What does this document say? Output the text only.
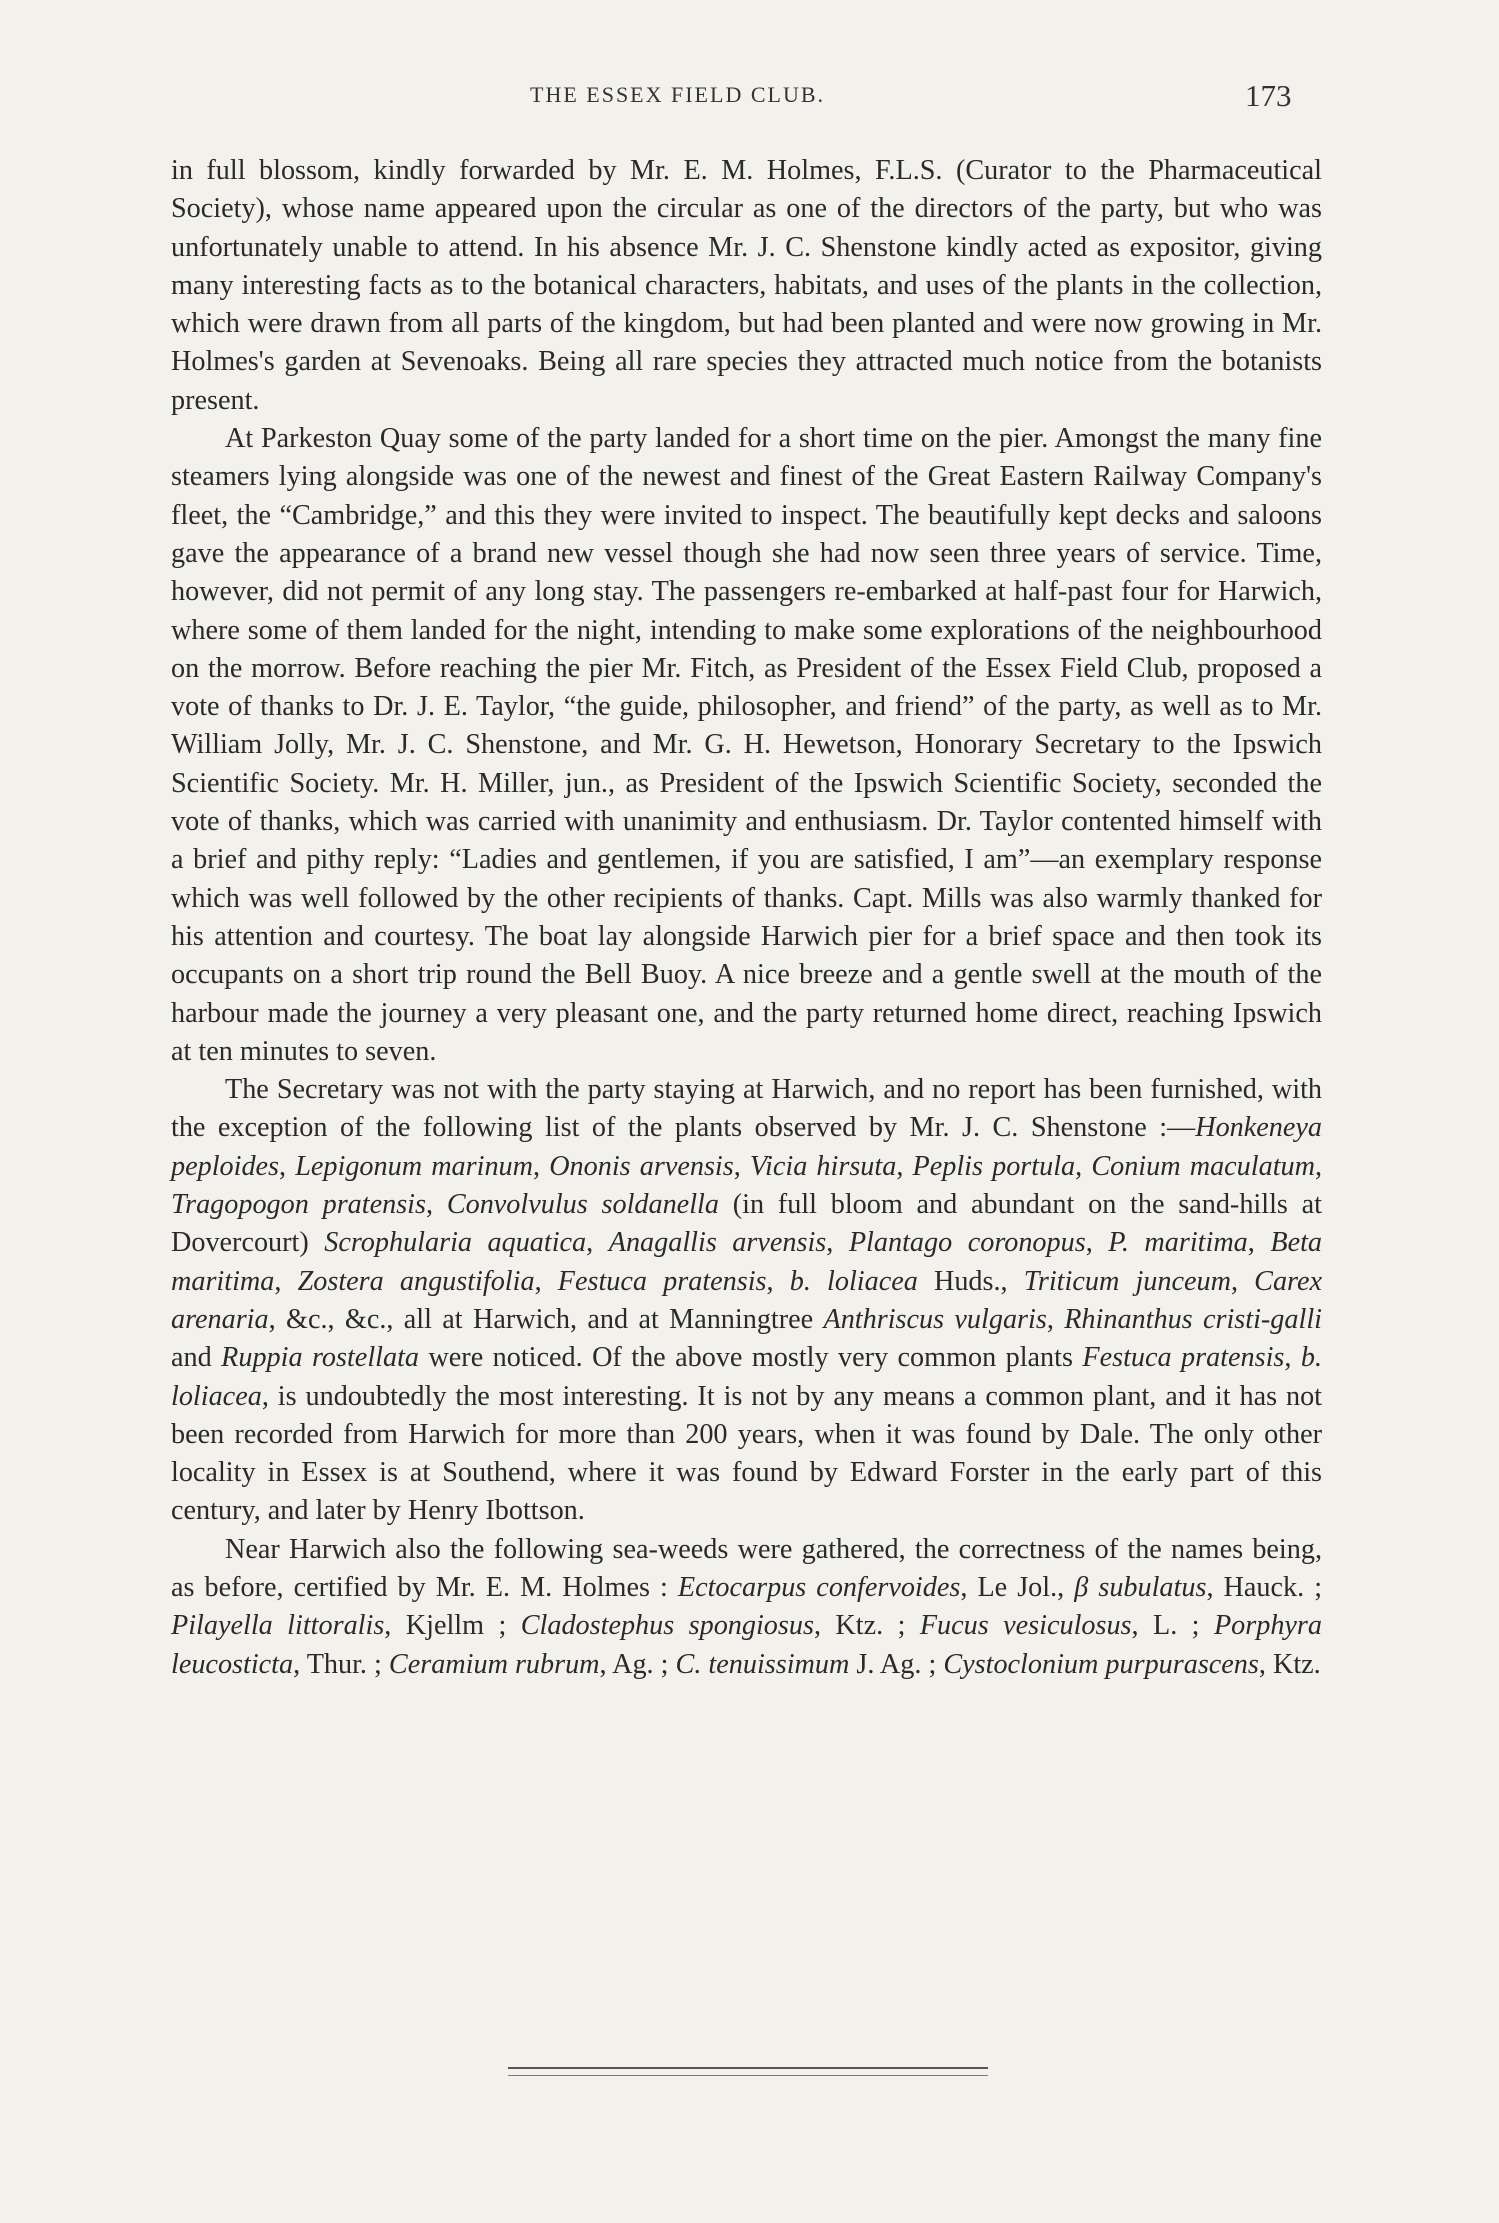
THE ESSEX FIELD CLUB.	173

in full blossom, kindly forwarded by Mr. E. M. Holmes, F.L.S. (Curator to the Pharmaceutical Society), whose name appeared upon the circular as one of the directors of the party, but who was unfortunately unable to attend. In his absence Mr. J. C. Shenstone kindly acted as expositor, giving many interesting facts as to the botanical characters, habitats, and uses of the plants in the collection, which were drawn from all parts of the kingdom, but had been planted and were now growing in Mr. Holmes's garden at Sevenoaks. Being all rare species they attracted much notice from the botanists present.

At Parkeston Quay some of the party landed for a short time on the pier. Amongst the many fine steamers lying alongside was one of the newest and finest of the Great Eastern Railway Company's fleet, the “Cambridge,” and this they were invited to inspect. The beautifully kept decks and saloons gave the appearance of a brand new vessel though she had now seen three years of service. Time, however, did not permit of any long stay. The passengers re-embarked at half-past four for Harwich, where some of them landed for the night, intending to make some explorations of the neighbourhood on the morrow. Before reaching the pier Mr. Fitch, as President of the Essex Field Club, proposed a vote of thanks to Dr. J. E. Taylor, “the guide, philosopher, and friend” of the party, as well as to Mr. William Jolly, Mr. J. C. Shenstone, and Mr. G. H. Hewetson, Honorary Secretary to the Ipswich Scientific Society. Mr. H. Miller, jun., as President of the Ipswich Scientific Society, seconded the vote of thanks, which was carried with unanimity and enthusiasm. Dr. Taylor contented himself with a brief and pithy reply: “Ladies and gentlemen, if you are satisfied, I am”—an exemplary response which was well followed by the other recipients of thanks. Capt. Mills was also warmly thanked for his attention and courtesy. The boat lay alongside Harwich pier for a brief space and then took its occupants on a short trip round the Bell Buoy. A nice breeze and a gentle swell at the mouth of the harbour made the journey a very pleasant one, and the party returned home direct, reaching Ipswich at ten minutes to seven.

The Secretary was not with the party staying at Harwich, and no report has been furnished, with the exception of the following list of the plants observed by Mr. J. C. Shenstone :—Honkeneya peploides, Lepigonum marinum, Ononis arvensis, Vicia hirsuta, Peplis portula, Conium maculatum, Tragopogon pratensis, Convolvulus soldanella (in full bloom and abundant on the sand-hills at Dovercourt) Scrophularia aquatica, Anagallis arvensis, Plantago coronopus, P. maritima, Beta maritima, Zostera angustifolia, Festuca pratensis, b. loliacea Huds., Triticum junceum, Carex arenaria, &c., &c., all at Harwich, and at Manningtree Anthriscus vulgaris, Rhinanthus cristi-galli and Ruppia rostellata were noticed. Of the above mostly very common plants Festuca pratensis, b. loliacea, is undoubtedly the most interesting. It is not by any means a common plant, and it has not been recorded from Harwich for more than 200 years, when it was found by Dale. The only other locality in Essex is at Southend, where it was found by Edward Forster in the early part of this century, and later by Henry Ibottson.

Near Harwich also the following sea-weeds were gathered, the correctness of the names being, as before, certified by Mr. E. M. Holmes : Ectocarpus confervoides, Le Jol., β subulatus, Hauck. ; Pilayella littoralis, Kjellm ; Cladostephus spongiosus, Ktz. ; Fucus vesiculosus, L. ; Porphyra leucosticta, Thur. ; Ceramium rubrum, Ag. ; C. tenuissimum J. Ag. ; Cystoclonium purpurascens, Ktz.
